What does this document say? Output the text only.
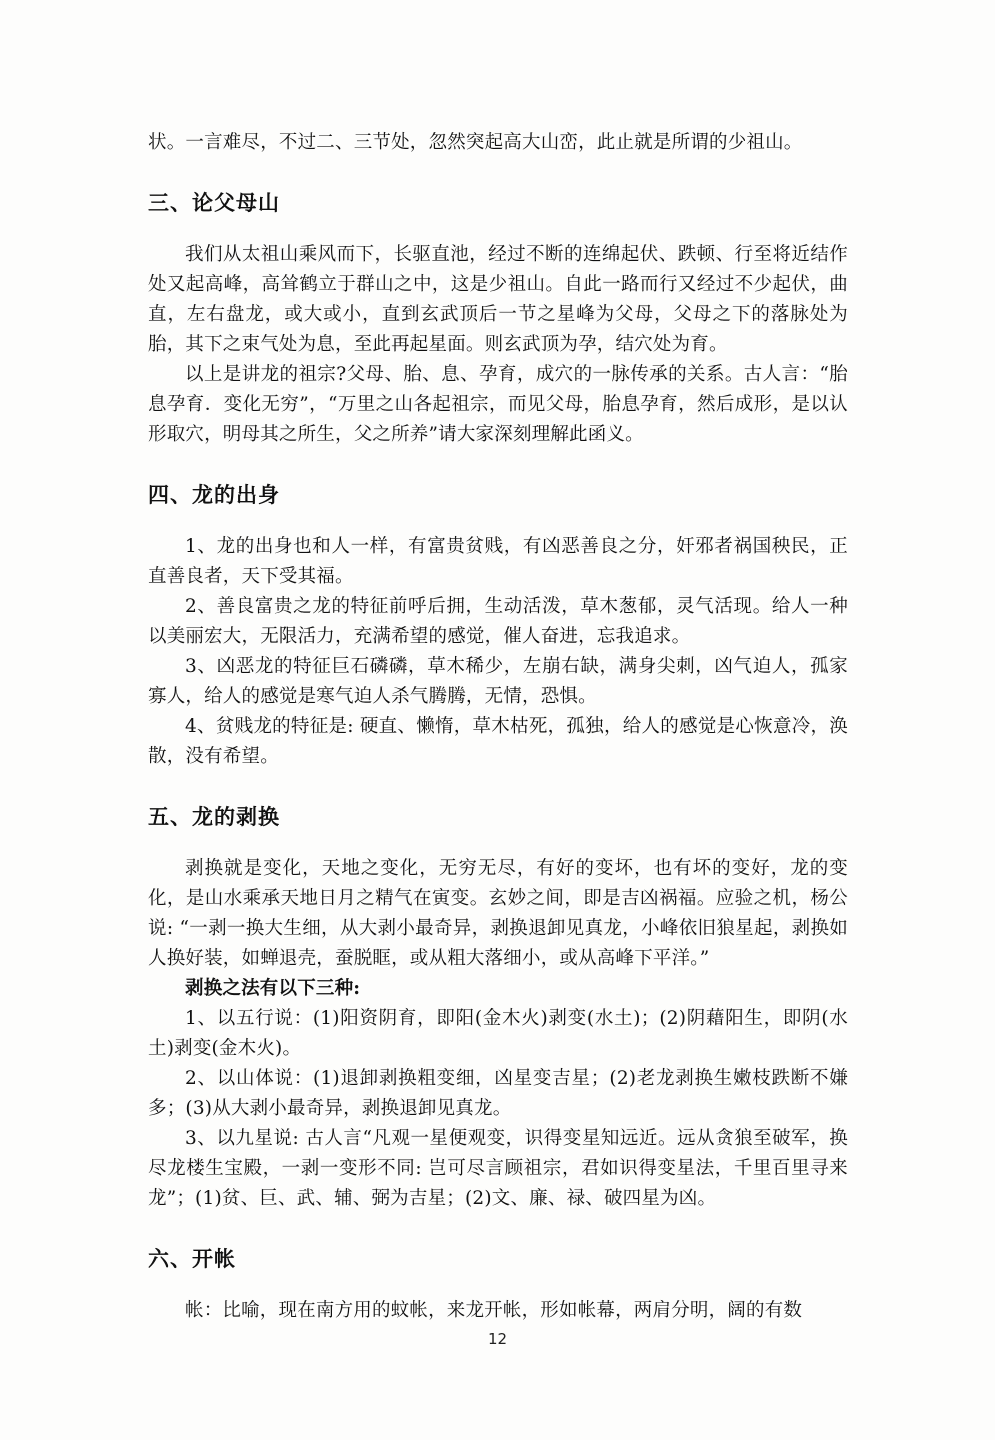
状。一言难尽，不过二、三节处，忽然突起高大山峦，此止就是所谓的少祖山。

三、论父母山

我们从太祖山乘风而下，长驱直池，经过不断的连绵起伏、跌顿、行至将近结作处又起高峰，高耸鹤立于群山之中，这是少祖山。自此一路而行又经过不少起伏，曲直，左右盘龙，或大或小，直到玄武顶后一节之星峰为父母，父母之下的落脉处为胎，其下之束气处为息，至此再起星面。则玄武顶为孕，结穴处为育。

以上是讲龙的祖宗?父母、胎、息、孕育，成穴的一脉传承的关系。古人言：“胎息孕育．变化无穷”，“万里之山各起祖宗，而见父母，胎息孕育，然后成形，是以认形取穴，明母其之所生，父之所养”请大家深刻理解此函义。

四、龙的出身

1、龙的出身也和人一样，有富贵贫贱，有凶恶善良之分，奸邪者祸国秧民，正直善良者，天下受其福。

2、善良富贵之龙的特征前呼后拥，生动活泼，草木葱郁，灵气活现。给人一种以美丽宏大，无限活力，充满希望的感觉，催人奋进，忘我追求。

3、凶恶龙的特征巨石磷磷，草木稀少，左崩右缺，满身尖刺，凶气迫人，孤家寡人，给人的感觉是寒气迫人杀气腾腾，无情，恐惧。

4、贫贱龙的特征是: 硬直、懒惰，草木枯死，孤独，给人的感觉是心恢意冷，涣散，没有希望。

五、龙的剥换

剥换就是变化，天地之变化，无穷无尽，有好的变坏，也有坏的变好，龙的变化，是山水乘承天地日月之精气在寅变。玄妙之间，即是吉凶祸福。应验之机，杨公说: “一剥一换大生细，从大剥小最奇异，剥换退卸见真龙，小峰依旧狼星起，剥换如人换好装，如蝉退壳，蚕脱眶，或从粗大落细小，或从高峰下平洋。”

剥换之法有以下三种:

1、以五行说：(1)阳资阴育，即阳(金木火)剥变(水土)；(2)阴藉阳生，即阴(水土)剥变(金木火)。

2、以山体说：(1)退卸剥换粗变细，凶星变吉星；(2)老龙剥换生嫩枝跌断不嫌多；(3)从大剥小最奇异，剥换退卸见真龙。

3、以九星说: 古人言“凡观一星便观变，识得变星知远近。远从贪狼至破军，换尽龙楼生宝殿，一剥一变形不同: 岂可尽言顾祖宗，君如识得变星法，千里百里寻来龙”；(1)贫、巨、武、辅、弼为吉星；(2)文、廉、禄、破四星为凶。

六、开帐

帐：比喻，现在南方用的蚊帐，来龙开帐，形如帐幕，两肩分明，阔的有数

12
